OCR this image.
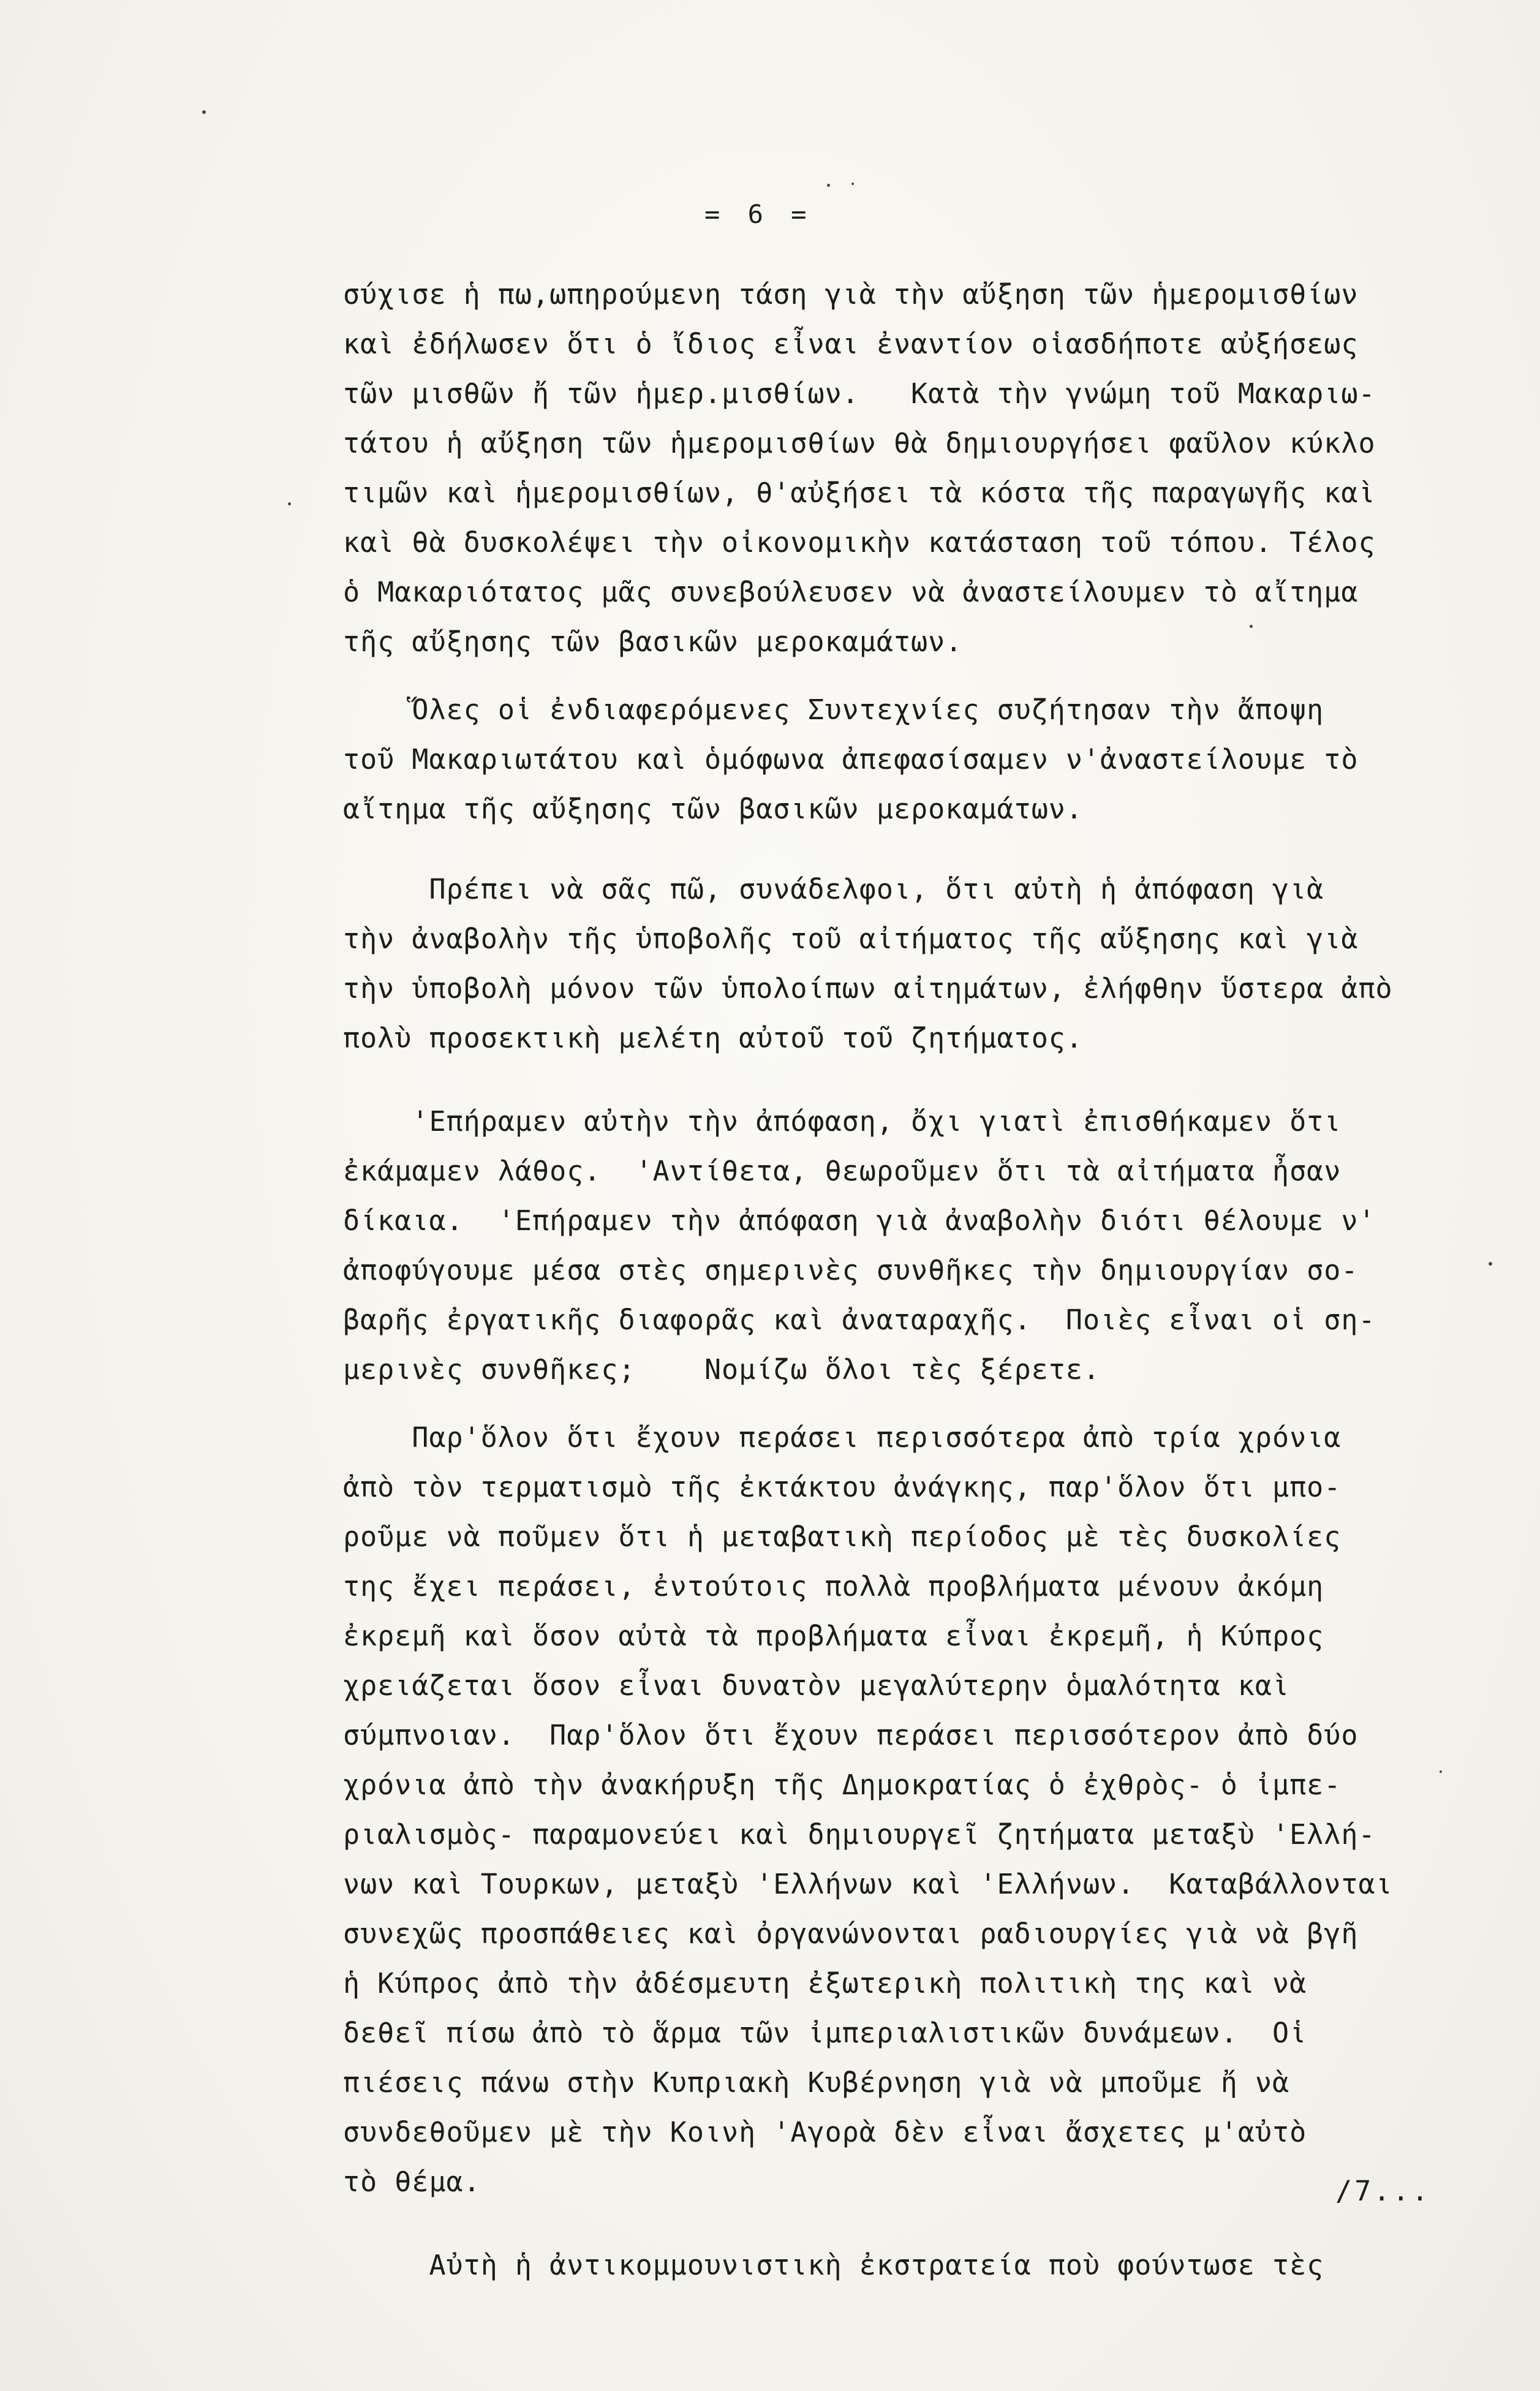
= 6 =
σύχισε ἡ πω,ωπηρούμενη τάση γιὰ τὴν αὔξηση τῶν ἡμερομισθίων
καὶ ἐδήλωσεν ὅτι ὁ ἴδιος εἶναι ἐναντίον οἱασδήποτε αὐξήσεως
τῶν μισθῶν ἤ τῶν ἡμερ.μισθίων.   Κατὰ τὴν γνώμη τοῦ Μακαριω-
τάτου ἡ αὔξηση τῶν ἡμερομισθίων θὰ δημιουργήσει φαῦλον κύκλο
τιμῶν καὶ ἡμερομισθίων, θ'αὐξήσει τὰ κόστα τῆς παραγωγῆς καὶ
καὶ θὰ δυσκολέψει τὴν οἰκονομικὴν κατάσταση τοῦ τόπου. Τέλος
ὁ Μακαριότατος μᾶς συνεβούλευσεν νὰ ἀναστείλουμεν τὸ αἴτημα
τῆς αὔξησης τῶν βασικῶν μεροκαμάτων.
Ὅλες οἱ ἐνδιαφερόμενες Συντεχνίες συζήτησαν τὴν ἄποψη
τοῦ Μακαριωτάτου καὶ ὁμόφωνα ἀπεφασίσαμεν ν'ἀναστείλουμε τὸ
αἴτημα τῆς αὔξησης τῶν βασικῶν μεροκαμάτων.
Πρέπει νὰ σᾶς πῶ, συνάδελφοι, ὅτι αὐτὴ ἡ ἀπόφαση γιὰ
τὴν ἀναβολὴν τῆς ὑποβολῆς τοῦ αἰτήματος τῆς αὔξησης καὶ γιὰ
τὴν ὑποβολὴ μόνον τῶν ὑπολοίπων αἰτημάτων, ἐλήφθην ὕστερα ἀπὸ
πολὺ προσεκτικὴ μελέτη αὐτοῦ τοῦ ζητήματος.
'Επήραμεν αὐτὴν τὴν ἀπόφαση, ὄχι γιατὶ ἐπισθήκαμεν ὅτι
ἐκάμαμεν λάθος.  'Αντίθετα, θεωροῦμεν ὅτι τὰ αἰτήματα ἦσαν
δίκαια.  'Επήραμεν τὴν ἀπόφαση γιὰ ἀναβολὴν διότι θέλουμε ν'
ἀποφύγουμε μέσα στὲς σημερινὲς συνθῆκες τὴν δημιουργίαν σο-
βαρῆς ἐργατικῆς διαφορᾶς καὶ ἀναταραχῆς.  Ποιὲς εἶναι οἱ ση-
μερινὲς συνθῆκες;    Νομίζω ὅλοι τὲς ξέρετε.
Παρ'ὅλον ὅτι ἔχουν περάσει περισσότερα ἀπὸ τρία χρόνια
ἀπὸ τὸν τερματισμὸ τῆς ἐκτάκτου ἀνάγκης, παρ'ὅλον ὅτι μπο-
ροῦμε νὰ ποῦμεν ὅτι ἡ μεταβατικὴ περίοδος μὲ τὲς δυσκολίες
της ἔχει περάσει, ἐντούτοις πολλὰ προβλήματα μένουν ἀκόμη
ἐκρεμῆ καὶ ὅσον αὐτὰ τὰ προβλήματα εἶναι ἐκρεμῆ, ἡ Κύπρος
χρειάζεται ὅσον εἶναι δυνατὸν μεγαλύτερην ὁμαλότητα καὶ
σύμπνοιαν.  Παρ'ὅλον ὅτι ἔχουν περάσει περισσότερον ἀπὸ δύο
χρόνια ἀπὸ τὴν ἀνακήρυξη τῆς Δημοκρατίας ὁ ἐχθρὸς- ὁ ἰμπε-
ριαλισμὸς- παραμονεύει καὶ δημιουργεῖ ζητήματα μεταξὺ 'Ελλή-
νων καὶ Τουρκων, μεταξὺ 'Ελλήνων καὶ 'Ελλήνων.  Καταβάλλονται
συνεχῶς προσπάθειες καὶ ὀργανώνονται ραδιουργίες γιὰ νὰ βγῆ
ἡ Κύπρος ἀπὸ τὴν ἀδέσμευτη ἐξωτερικὴ πολιτικὴ της καὶ νὰ
δεθεῖ πίσω ἀπὸ τὸ ἅρμα τῶν ἰμπεριαλιστικῶν δυνάμεων.  Οἱ
πιέσεις πάνω στὴν Κυπριακὴ Κυβέρνηση γιὰ νὰ μποῦμε ἤ νὰ
συνδεθοῦμεν μὲ τὴν Κοινὴ 'Αγορὰ δὲν εἶναι ἄσχετες μ'αὐτὸ
τὸ θέμα.
Αὐτὴ ἡ ἀντικομμουνιστικὴ ἐκστρατεία ποὺ φούντωσε τὲς
/7...
